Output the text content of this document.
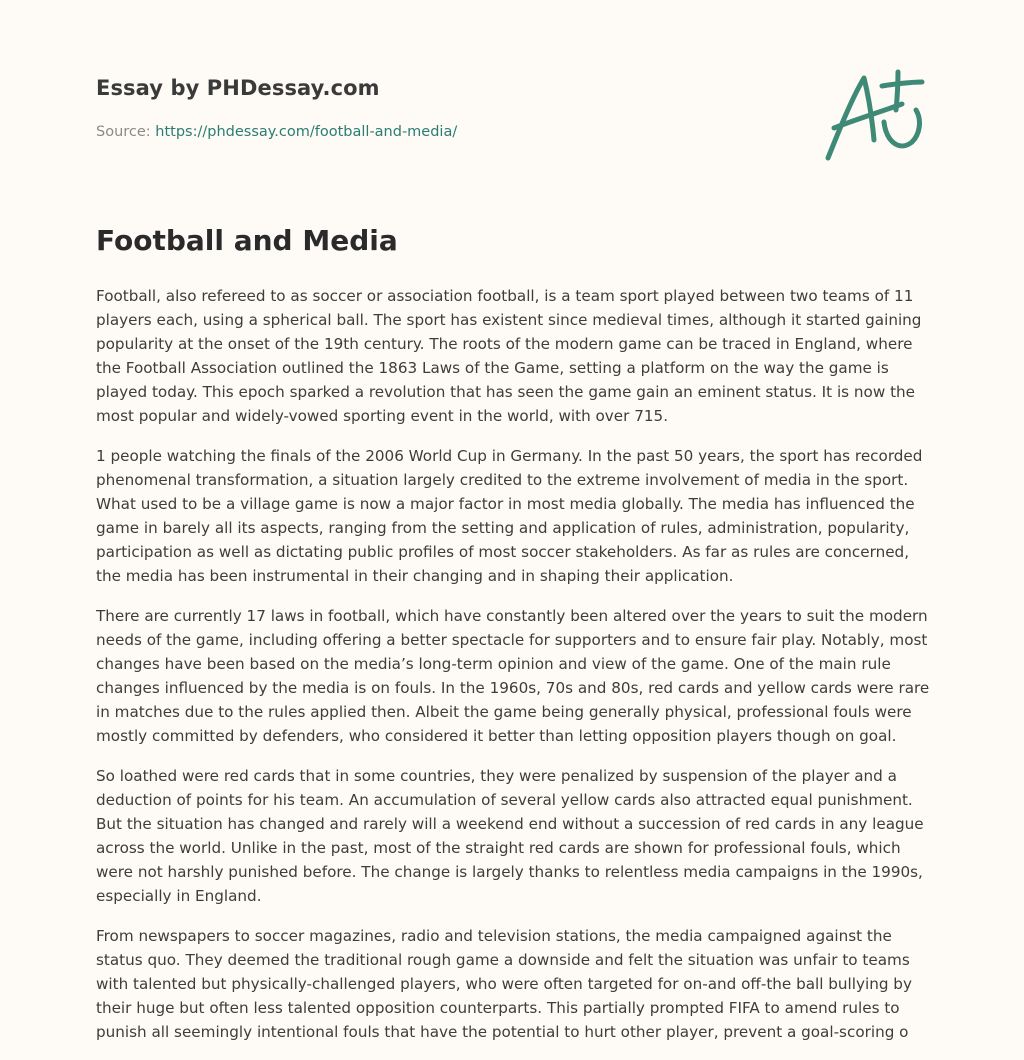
Essay by PHDessay.com
Source: https://phdessay.com/football-and-media/
Football and Media

Football, also refereed to as soccer or association football, is a team sport played between two teams of 11 players each, using a spherical ball. The sport has existent since medieval times, although it started gaining popularity at the onset of the 19th century. The roots of the modern game can be traced in England, where the Football Association outlined the 1863 Laws of the Game, setting a platform on the way the game is played today. This epoch sparked a revolution that has seen the game gain an eminent status. It is now the most popular and widely-vowed sporting event in the world, with over 715.

1 people watching the finals of the 2006 World Cup in Germany. In the past 50 years, the sport has recorded phenomenal transformation, a situation largely credited to the extreme involvement of media in the sport. What used to be a village game is now a major factor in most media globally. The media has influenced the game in barely all its aspects, ranging from the setting and application of rules, administration, popularity, participation as well as dictating public profiles of most soccer stakeholders. As far as rules are concerned, the media has been instrumental in their changing and in shaping their application.

There are currently 17 laws in football, which have constantly been altered over the years to suit the modern needs of the game, including offering a better spectacle for supporters and to ensure fair play. Notably, most changes have been based on the media’s long-term opinion and view of the game. One of the main rule changes influenced by the media is on fouls. In the 1960s, 70s and 80s, red cards and yellow cards were rare in matches due to the rules applied then. Albeit the game being generally physical, professional fouls were mostly committed by defenders, who considered it better than letting opposition players though on goal.

So loathed were red cards that in some countries, they were penalized by suspension of the player and a deduction of points for his team. An accumulation of several yellow cards also attracted equal punishment. But the situation has changed and rarely will a weekend end without a succession of red cards in any league across the world. Unlike in the past, most of the straight red cards are shown for professional fouls, which were not harshly punished before. The change is largely thanks to relentless media campaigns in the 1990s, especially in England.

From newspapers to soccer magazines, radio and television stations, the media campaigned against the status quo. They deemed the traditional rough game a downside and felt the situation was unfair to teams with talented but physically-challenged players, who were often targeted for on-and off-the ball bullying by their huge but often less talented opposition counterparts. This partially prompted FIFA to amend rules to punish all seemingly intentional fouls that have the potential to hurt other player, prevent a goal-scoring o
